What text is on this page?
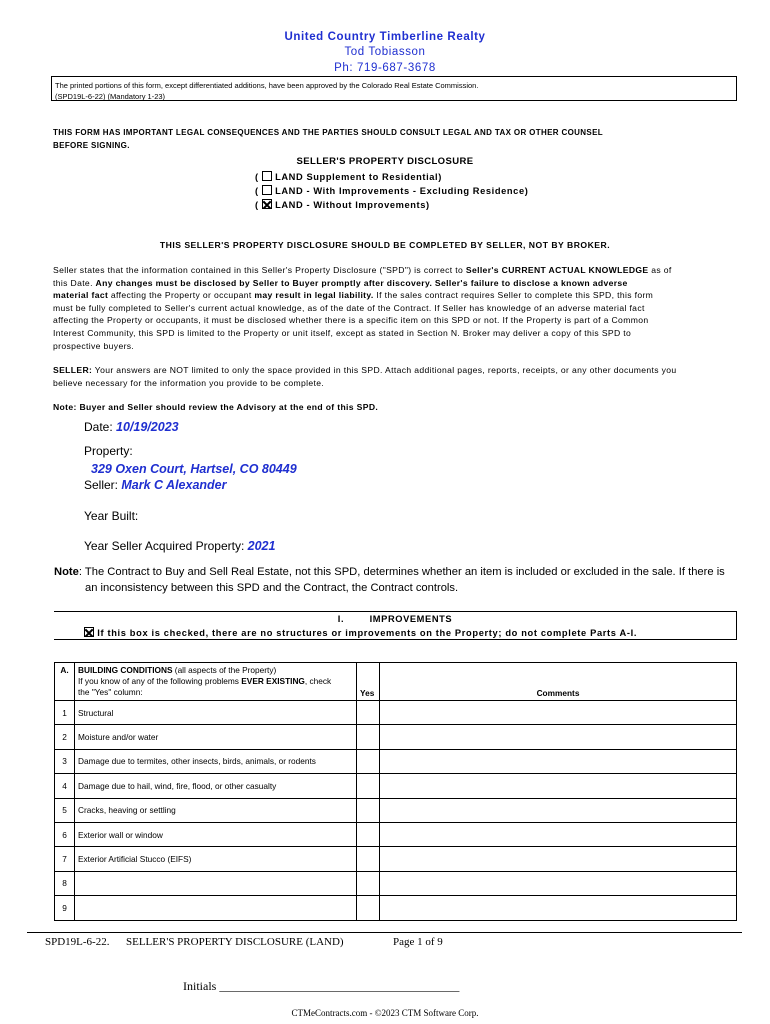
United Country Timberline Realty
Tod Tobiasson
Ph: 719-687-3678
The printed portions of this form, except differentiated additions, have been approved by the Colorado Real Estate Commission.
(SPD19L-6-22) (Mandatory 1-23)
THIS FORM HAS IMPORTANT LEGAL CONSEQUENCES AND THE PARTIES SHOULD CONSULT LEGAL AND TAX OR OTHER COUNSEL
BEFORE SIGNING.
SELLER'S PROPERTY DISCLOSURE
(  LAND Supplement to Residential)
(  LAND - With Improvements - Excluding Residence)
(  LAND - Without Improvements)
THIS SELLER'S PROPERTY DISCLOSURE SHOULD BE COMPLETED BY SELLER, NOT BY BROKER.
Seller states that the information contained in this Seller's Property Disclosure ("SPD") is correct to Seller's CURRENT ACTUAL KNOWLEDGE as of
this Date. Any changes must be disclosed by Seller to Buyer promptly after discovery. Seller's failure to disclose a known adverse
material fact affecting the Property or occupant may result in legal liability. If the sales contract requires Seller to complete this SPD, this form
must be fully completed to Seller's current actual knowledge, as of the date of the Contract. If Seller has knowledge of an adverse material fact
affecting the Property or occupants, it must be disclosed whether there is a specific item on this SPD or not. If the Property is part of a Common
Interest Community, this SPD is limited to the Property or unit itself, except as stated in Section N. Broker may deliver a copy of this SPD to
prospective buyers.
SELLER: Your answers are NOT limited to only the space provided in this SPD. Attach additional pages, reports, receipts, or any other documents you
believe necessary for the information you provide to be complete.
Note: Buyer and Seller should review the Advisory at the end of this SPD.
Date: 10/19/2023
Property:
329 Oxen Court, Hartsel, CO 80449
Seller: Mark C Alexander
Year Built:
Year Seller Acquired Property: 2021
Note: The Contract to Buy and Sell Real Estate, not this SPD, determines whether an item is included or excluded in the sale. If there is
an inconsistency between this SPD and the Contract, the Contract controls.
I.	IMPROVEMENTS
If this box is checked, there are no structures or improvements on the Property; do not complete Parts A-I.
A.	BUILDING CONDITIONS (all aspects of the Property)
If you know of any of the following problems EVER EXISTING, check
the "Yes" column:	Yes	Comments
1	Structural		
2	Moisture and/or water		
3	Damage due to termites, other insects, birds, animals, or rodents		
4	Damage due to hail, wind, fire, flood, or other casualty		
5	Cracks, heaving or settling		
6	Exterior wall or window		
7	Exterior Artificial Stucco (EIFS)		
8			
9			
SPD19L-6-22. SELLER'S PROPERTY DISCLOSURE (LAND)	Page 1 of 9
Initials ________________________________________
CTMeContracts.com - ©2023 CTM Software Corp.
